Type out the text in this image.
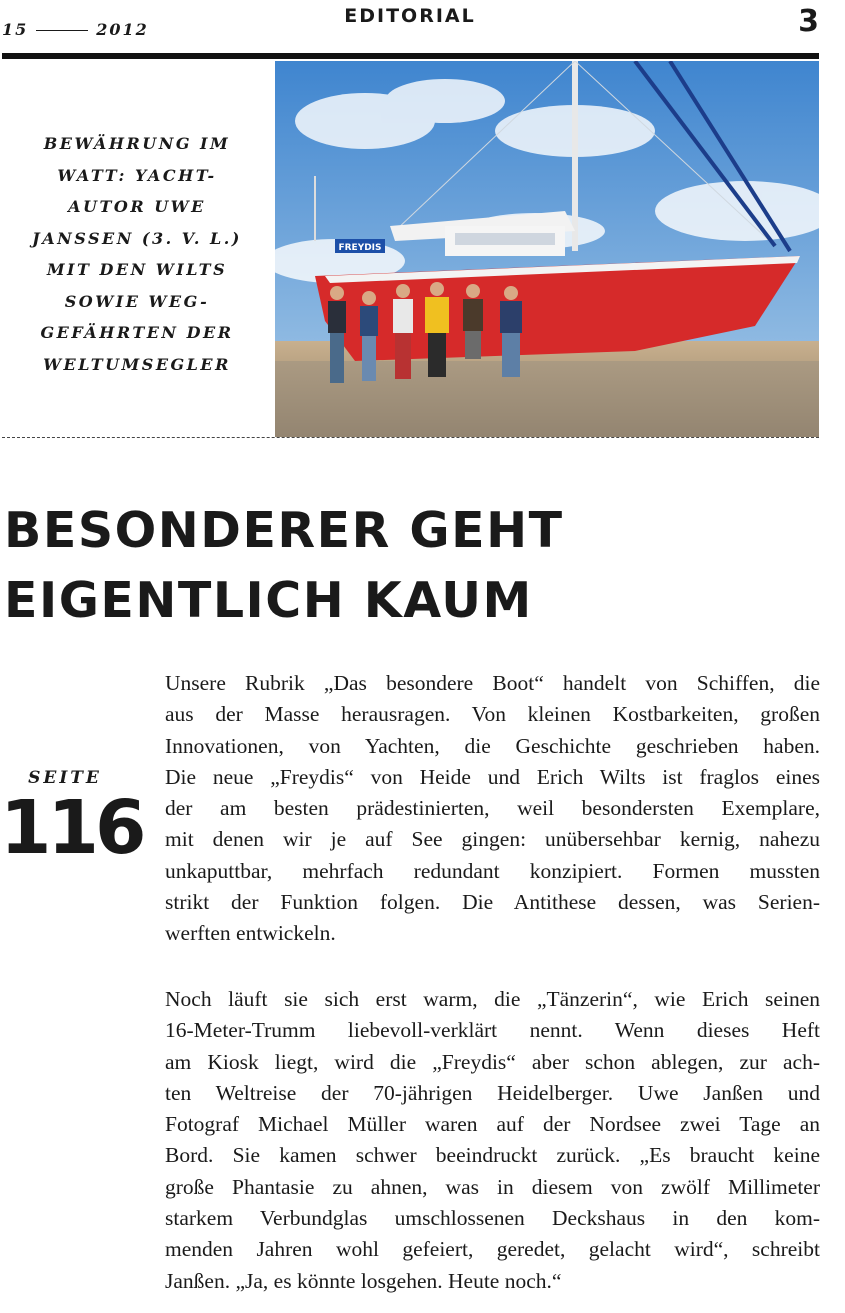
15	2012
EDITORIAL	3
BEWÄHRUNG IM
WATT: YACHT-
AUTOR UWE
JANSSEN (3. V. L.)
MIT DEN WILTS
SOWIE WEG-
GEFÄHRTEN DER
WELTUMSEGLER
FREYDIS
BESONDERER GEHT
EIGENTLICH KAUM
SEITE
116
Unsere Rubrik „Das besondere Boot“ handelt von Schiffen, die
aus der Masse herausragen. Von kleinen Kostbarkeiten, großen
Innovationen, von Yachten, die Geschichte geschrieben haben.
Die neue „Freydis“ von Heide und Erich Wilts ist fraglos eines
der am besten prädestinierten, weil besondersten Exemplare,
mit denen wir je auf See gingen: unübersehbar kernig, nahezu
unkaputtbar, mehrfach redundant konzipiert. Formen mussten
strikt der Funktion folgen. Die Antithese dessen, was Serien-
werften entwickeln.
Noch läuft sie sich erst warm, die „Tänzerin“, wie Erich seinen
16-Meter-Trumm liebevoll-verklärt nennt. Wenn dieses Heft
am Kiosk liegt, wird die „Freydis“ aber schon ablegen, zur ach-
ten Weltreise der 70-jährigen Heidelberger. Uwe Janßen und
Fotograf Michael Müller waren auf der Nordsee zwei Tage an
Bord. Sie kamen schwer beeindruckt zurück. „Es braucht keine
große Phantasie zu ahnen, was in diesem von zwölf Millimeter
starkem Verbundglas umschlossenen Deckshaus in den kom-
menden Jahren wohl gefeiert, geredet, gelacht wird“, schreibt
Janßen. „Ja, es könnte losgehen. Heute noch.“
